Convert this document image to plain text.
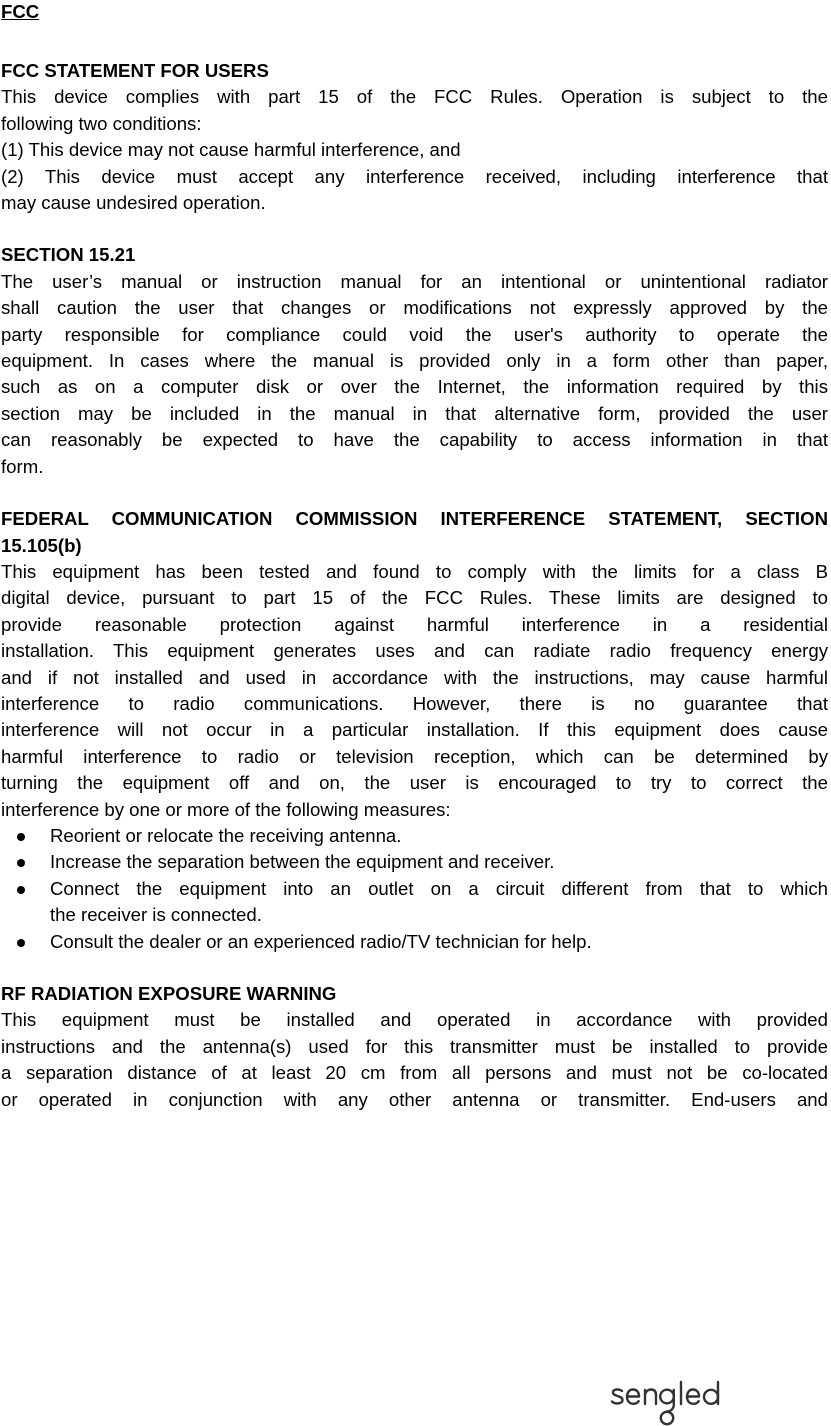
FCC
FCC STATEMENT FOR USERS
This device complies with part 15 of the FCC Rules. Operation is subject to the
following two conditions:
(1) This device may not cause harmful interference, and
(2) This device must accept any interference received, including interference that
may cause undesired operation.
SECTION 15.21
The user’s manual or instruction manual for an intentional or unintentional radiator
shall caution the user that changes or modifications not expressly approved by the
party responsible for compliance could void the user's authority to operate the
equipment. In cases where the manual is provided only in a form other than paper,
such as on a computer disk or over the Internet, the information required by this
section may be included in the manual in that alternative form, provided the user
can reasonably be expected to have the capability to access information in that
form.
FEDERAL COMMUNICATION COMMISSION INTERFERENCE STATEMENT, SECTION
15.105(b)
This equipment has been tested and found to comply with the limits for a class B
digital device, pursuant to part 15 of the FCC Rules. These limits are designed to
provide reasonable protection against harmful interference in a residential
installation. This equipment generates uses and can radiate radio frequency energy
and if not installed and used in accordance with the instructions, may cause harmful
interference to radio communications. However, there is no guarantee that
interference will not occur in a particular installation. If this equipment does cause
harmful interference to radio or television reception, which can be determined by
turning the equipment off and on, the user is encouraged to try to correct the
interference by one or more of the following measures:
Reorient or relocate the receiving antenna.
Increase the separation between the equipment and receiver.
Connect the equipment into an outlet on a circuit different from that to which
the receiver is connected.
Consult the dealer or an experienced radio/TV technician for help.
RF RADIATION EXPOSURE WARNING
This equipment must be installed and operated in accordance with provided
instructions and the antenna(s) used for this transmitter must be installed to provide
a separation distance of at least 20 cm from all persons and must not be co-located
or operated in conjunction with any other antenna or transmitter. End-users and
